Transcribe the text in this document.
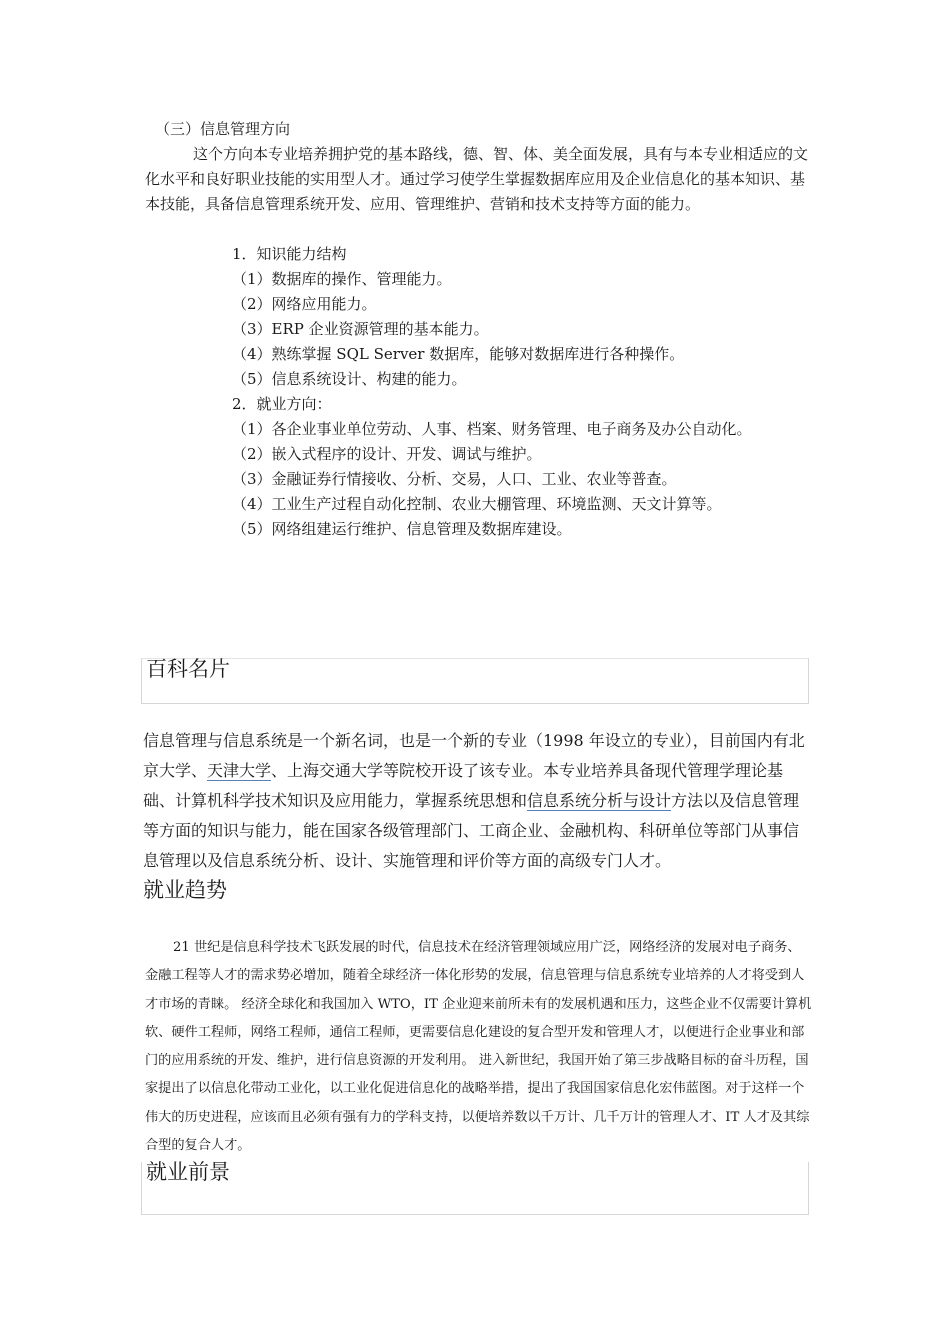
（三）信息管理方向
这个方向本专业培养拥护党的基本路线，德、智、体、美全面发展，具有与本专业相适应的文化水平和良好职业技能的实用型人才。通过学习使学生掌握数据库应用及企业信息化的基本知识、基本技能，具备信息管理系统开发、应用、管理维护、营销和技术支持等方面的能力。
1．知识能力结构
（1）数据库的操作、管理能力。
（2）网络应用能力。
（3）ERP 企业资源管理的基本能力。
（4）熟练掌握 SQL Server 数据库，能够对数据库进行各种操作。
（5）信息系统设计、构建的能力。
2．就业方向：
（1）各企业事业单位劳动、人事、档案、财务管理、电子商务及办公自动化。
（2）嵌入式程序的设计、开发、调试与维护。
（3）金融证券行情接收、分析、交易，人口、工业、农业等普查。
（4）工业生产过程自动化控制、农业大棚管理、环境监测、天文计算等。
（5）网络组建运行维护、信息管理及数据库建设。
百科名片
信息管理与信息系统是一个新名词，也是一个新的专业（1998 年设立的专业），目前国内有北京大学、天津大学、上海交通大学等院校开设了该专业。本专业培养具备现代管理学理论基础、计算机科学技术知识及应用能力，掌握系统思想和信息系统分析与设计方法以及信息管理等方面的知识与能力，能在国家各级管理部门、工商企业、金融机构、科研单位等部门从事信息管理以及信息系统分析、设计、实施管理和评价等方面的高级专门人才。
就业趋势
21 世纪是信息科学技术飞跃发展的时代，信息技术在经济管理领域应用广泛，网络经济的发展对电子商务、金融工程等人才的需求势必增加，随着全球经济一体化形势的发展，信息管理与信息系统专业培养的人才将受到人才市场的青睐。 经济全球化和我国加入 WTO，IT 企业迎来前所未有的发展机遇和压力，这些企业不仅需要计算机软、硬件工程师，网络工程师，通信工程师，更需要信息化建设的复合型开发和管理人才，以便进行企业事业和部门的应用系统的开发、维护，进行信息资源的开发利用。 进入新世纪，我国开始了第三步战略目标的奋斗历程，国家提出了以信息化带动工业化，以工业化促进信息化的战略举措，提出了我国国家信息化宏伟蓝图。对于这样一个伟大的历史进程，应该而且必须有强有力的学科支持，以便培养数以千万计、几千万计的管理人才、IT 人才及其综合型的复合人才。
就业前景
